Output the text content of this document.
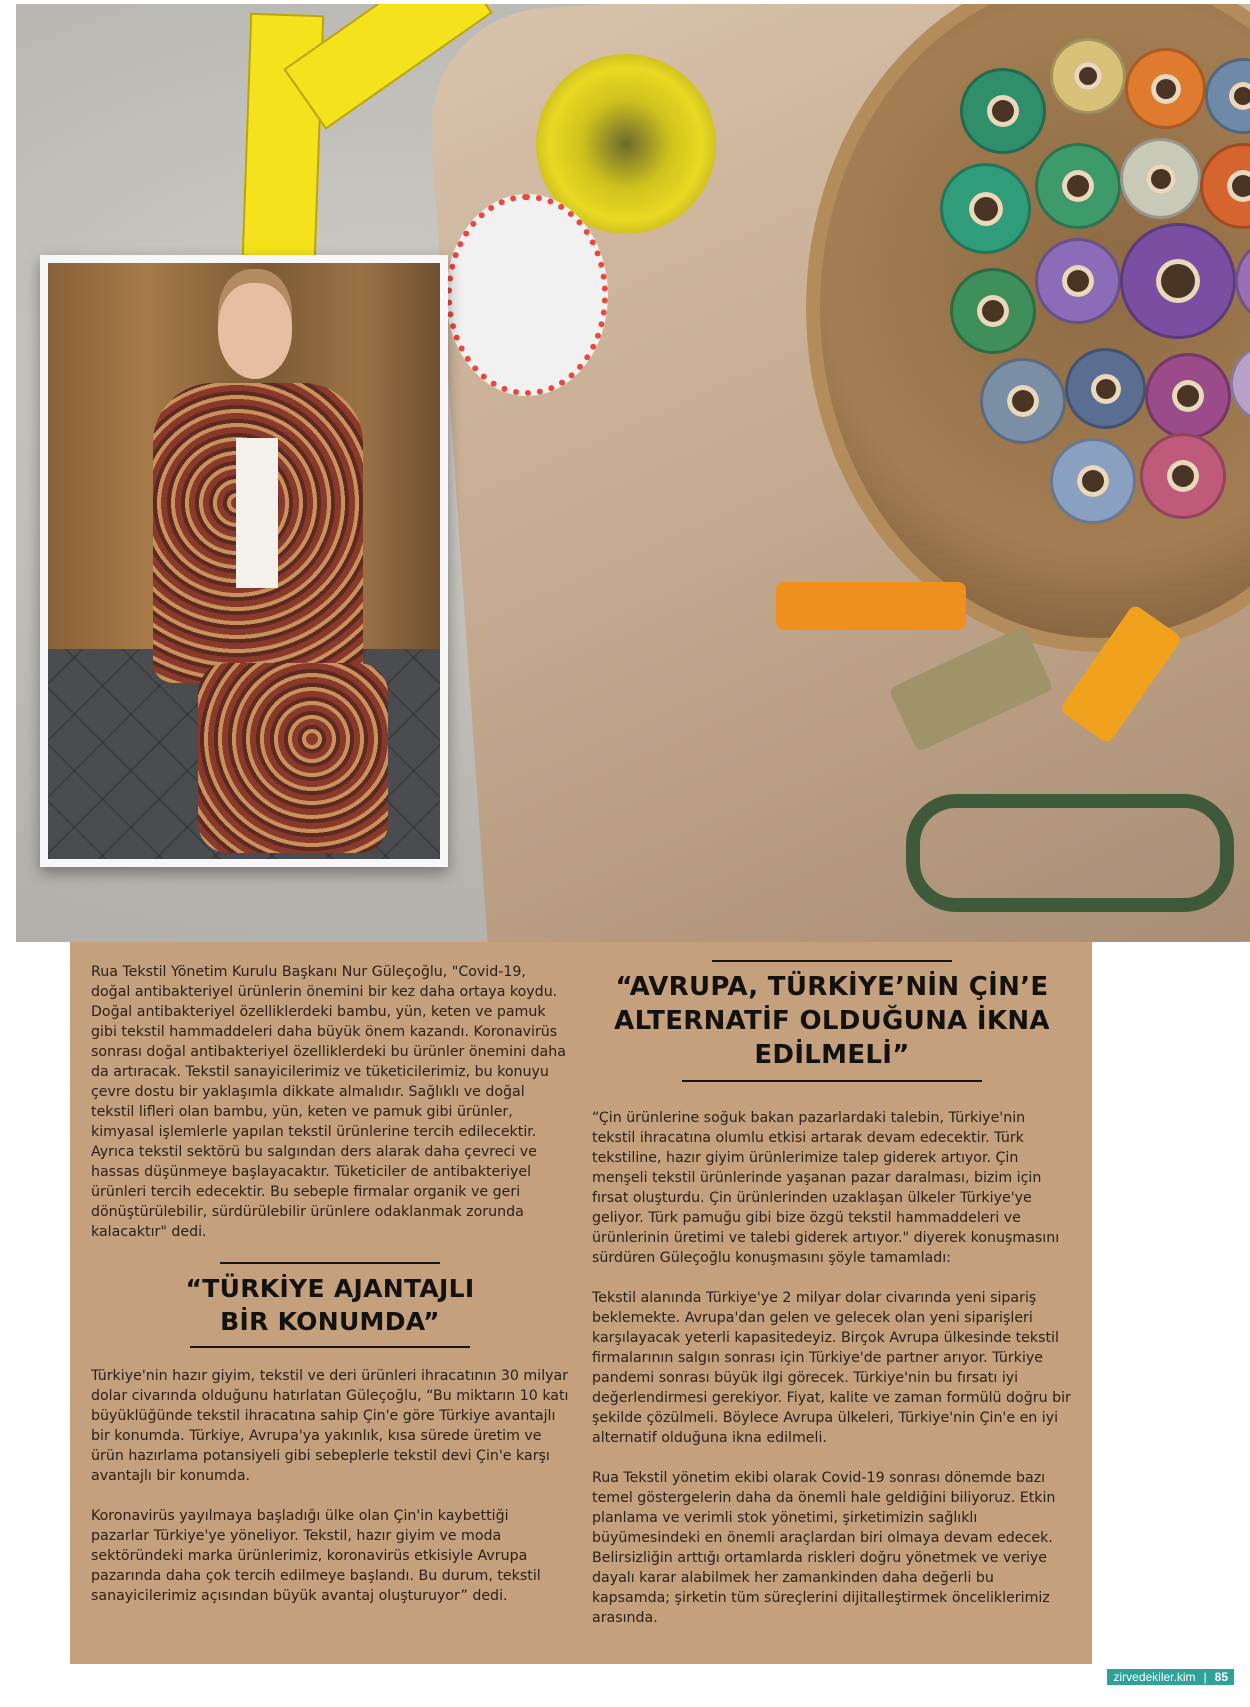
Rua Tekstil Yönetim Kurulu Başkanı Nur Güleçoğlu, "Covid-19, doğal antibakteriyel ürünlerin önemini bir kez daha ortaya koydu. Doğal antibakteriyel özelliklerdeki bambu, yün, keten ve pamuk gibi tekstil hammaddeleri daha büyük önem kazandı. Koronavirüs sonrası doğal antibakteriyel özelliklerdeki bu ürünler önemini daha da artıracak. Tekstil sanayicilerimiz ve tüketicilerimiz, bu konuyu çevre dostu bir yaklaşımla dikkate almalıdır. Sağlıklı ve doğal tekstil lifleri olan bambu, yün, keten ve pamuk gibi ürünler, kimyasal işlemlerle yapılan tekstil ürünlerine tercih edilecektir. Ayrıca tekstil sektörü bu salgından ders alarak daha çevreci ve hassas düşünmeye başlayacaktır. Tüketiciler de antibakteriyel ürünleri tercih edecektir. Bu sebeple firmalar organik ve geri dönüştürülebilir, sürdürülebilir ürünlere odaklanmak zorunda kalacaktır" dedi.

“TÜRKİYE AJANTAJLI BİR KONUMDA”

Türkiye'nin hazır giyim, tekstil ve deri ürünleri ihracatının 30 milyar dolar civarında olduğunu hatırlatan Güleçoğlu, “Bu miktarın 10 katı büyüklüğünde tekstil ihracatına sahip Çin'e göre Türkiye avantajlı bir konumda. Türkiye, Avrupa'ya yakınlık, kısa sürede üretim ve ürün hazırlama potansiyeli gibi sebeplerle tekstil devi Çin'e karşı avantajlı bir konumda.

Koronavirüs yayılmaya başladığı ülke olan Çin'in kaybettiği pazarlar Türkiye'ye yöneliyor. Tekstil, hazır giyim ve moda sektöründeki marka ürünlerimiz, koronavirüs etkisiyle Avrupa pazarında daha çok tercih edilmeye başlandı. Bu durum, tekstil sanayicilerimiz açısından büyük avantaj oluşturuyor” dedi.

“AVRUPA, TÜRKİYE’NİN ÇİN’E ALTERNATİF OLDUĞUNA İKNA EDİLMELİ”

“Çin ürünlerine soğuk bakan pazarlardaki talebin, Türkiye'nin tekstil ihracatına olumlu etkisi artarak devam edecektir. Türk tekstiline, hazır giyim ürünlerimize talep giderek artıyor. Çin menşeli tekstil ürünlerinde yaşanan pazar daralması, bizim için fırsat oluşturdu. Çin ürünlerinden uzaklaşan ülkeler Türkiye'ye geliyor. Türk pamuğu gibi bize özgü tekstil hammaddeleri ve ürünlerinin üretimi ve talebi giderek artıyor." diyerek konuşmasını sürdüren Güleçoğlu konuşmasını şöyle tamamladı:

Tekstil alanında Türkiye'ye 2 milyar dolar civarında yeni sipariş beklemekte. Avrupa'dan gelen ve gelecek olan yeni siparişleri karşılayacak yeterli kapasitedeyiz. Birçok Avrupa ülkesinde tekstil firmalarının salgın sonrası için Türkiye'de partner arıyor. Türkiye pandemi sonrası büyük ilgi görecek. Türkiye'nin bu fırsatı iyi değerlendirmesi gerekiyor. Fiyat, kalite ve zaman formülü doğru bir şekilde çözülmeli. Böylece Avrupa ülkeleri, Türkiye'nin Çin'e en iyi alternatif olduğuna ikna edilmeli.

Rua Tekstil yönetim ekibi olarak Covid-19 sonrası dönemde bazı temel göstergelerin daha da önemli hale geldiğini biliyoruz. Etkin planlama ve verimli stok yönetimi, şirketimizin sağlıklı büyümesindeki en önemli araçlardan biri olmaya devam edecek. Belirsizliğin arttığı ortamlarda riskleri doğru yönetmek ve veriye dayalı karar alabilmek her zamankinden daha değerli bu kapsamda; şirketin tüm süreçlerini dijitalleştirmek önceliklerimiz arasında.

zirvedekiler.kim | 85
